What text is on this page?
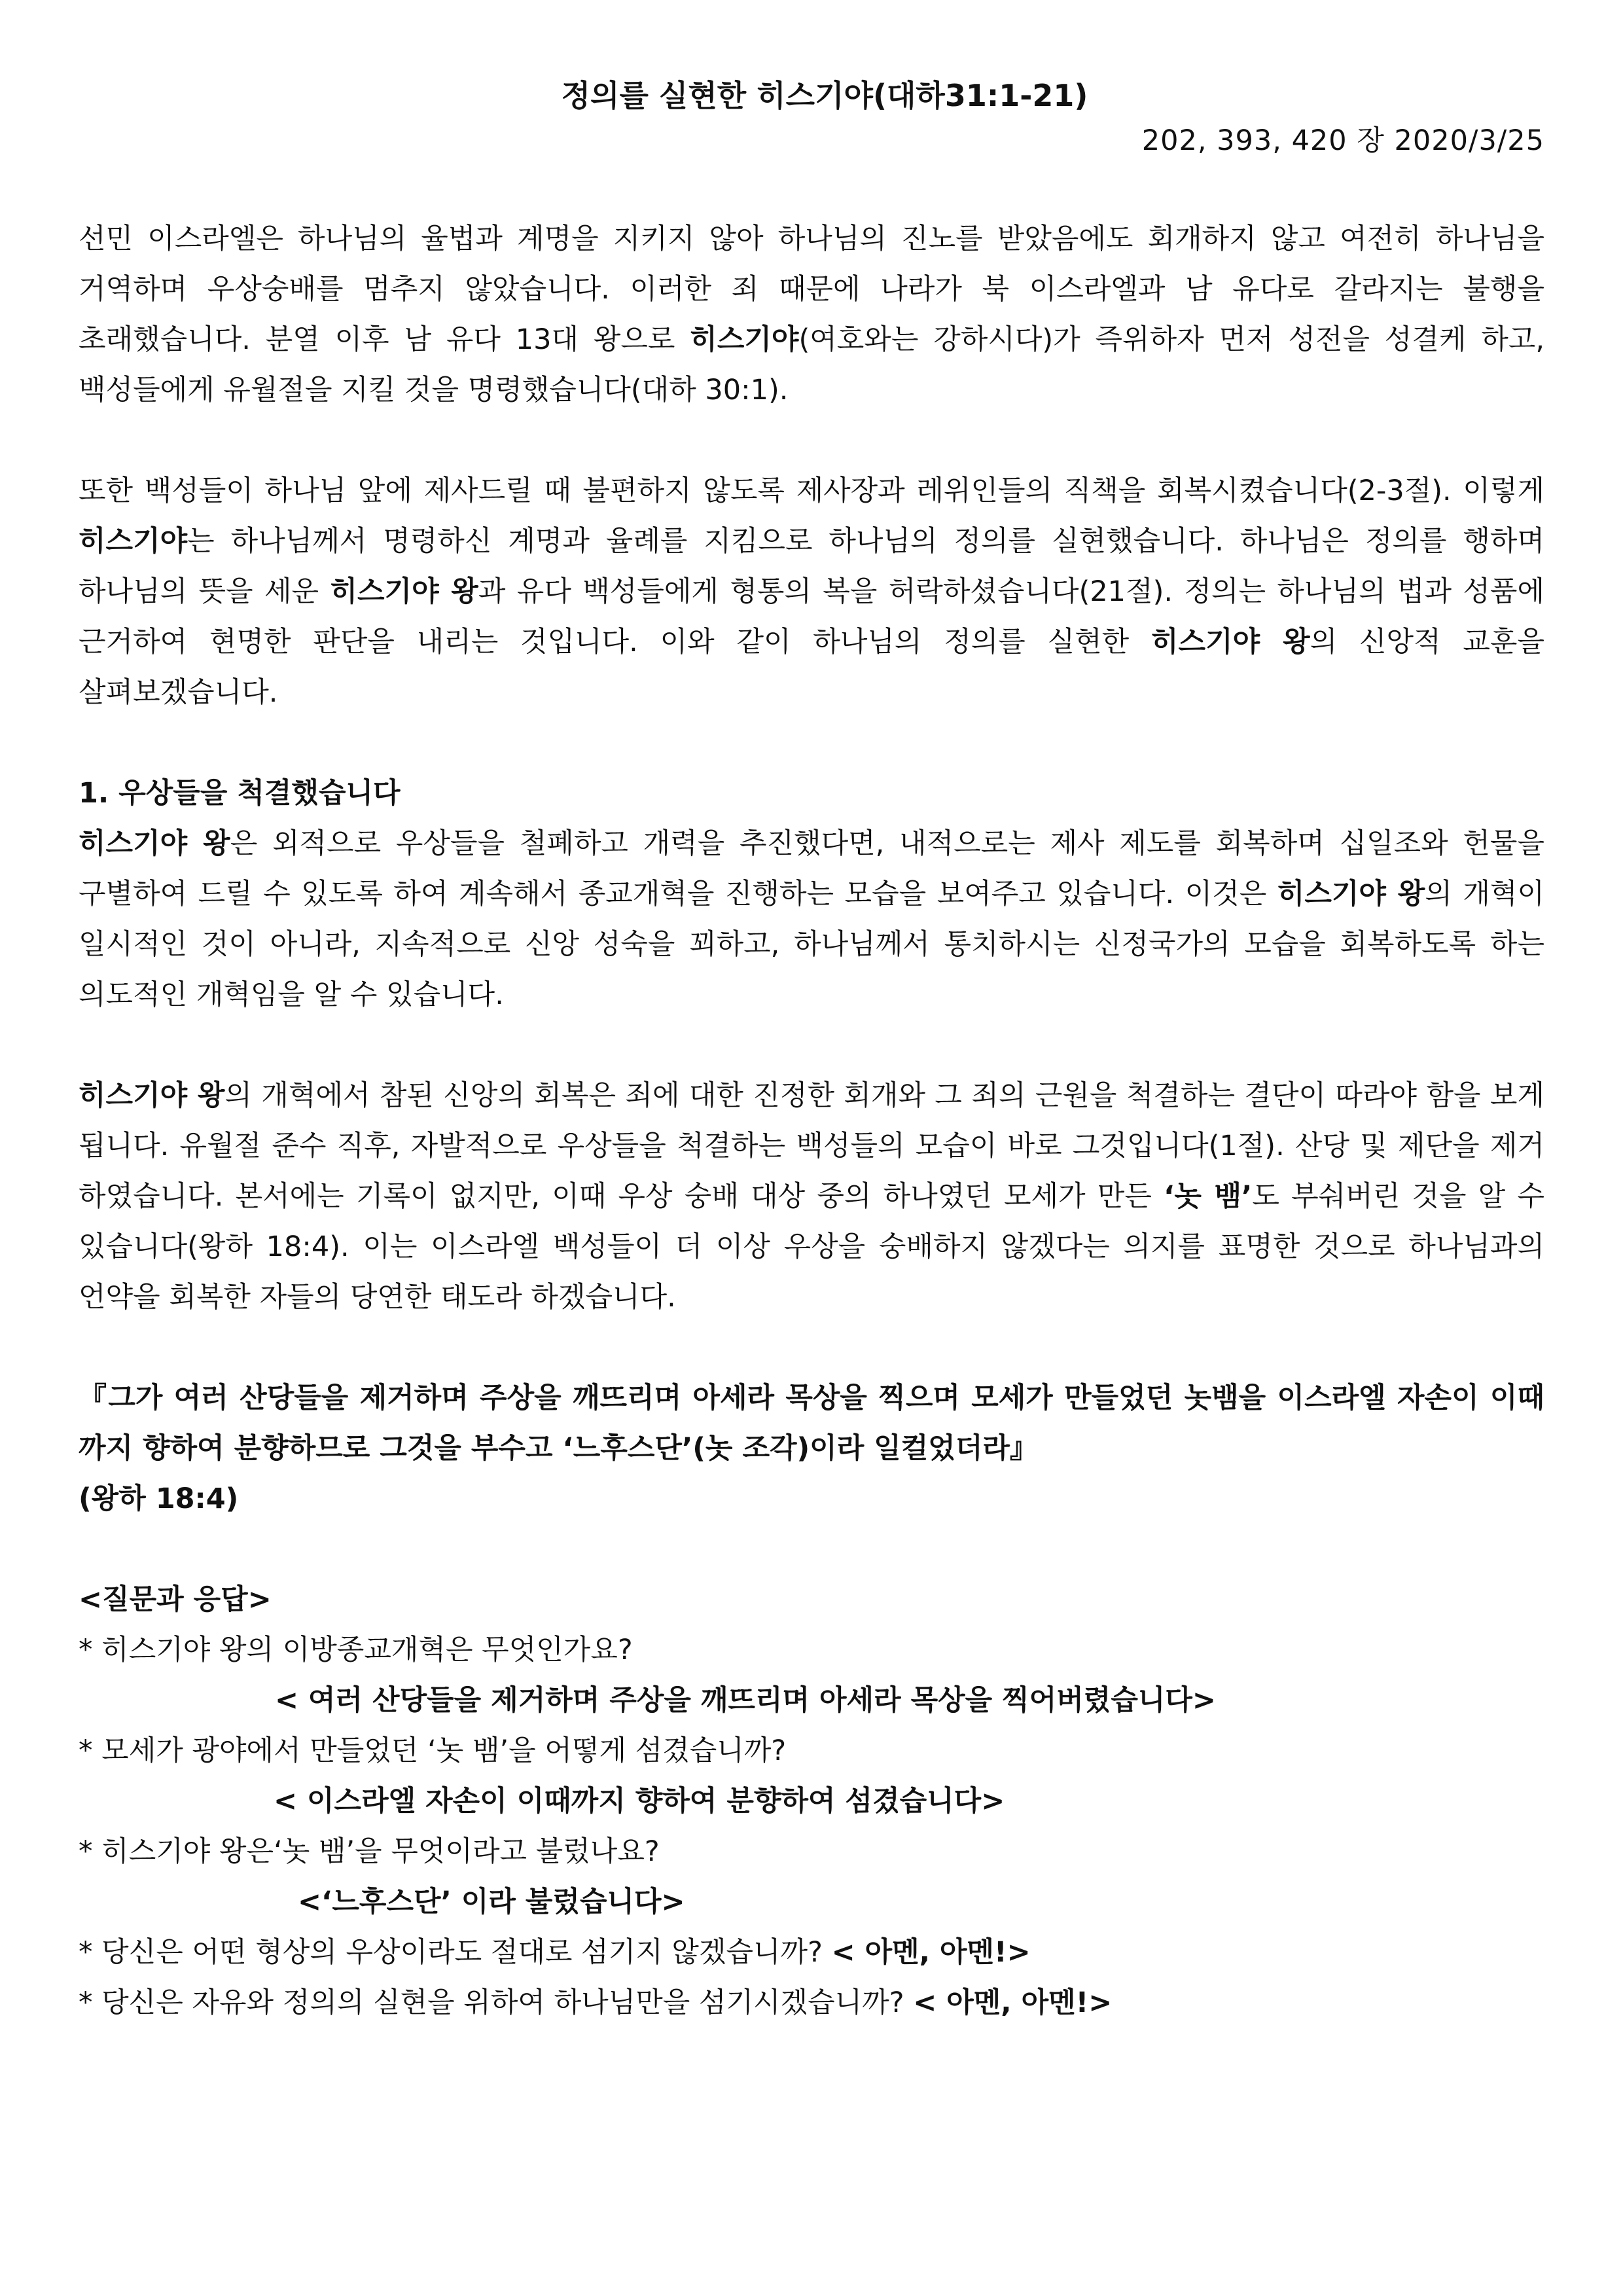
정의를 실현한 히스기야(대하31:1-21)

202, 393, 420 장 2020/3/25

선민 이스라엘은 하나님의 율법과 계명을 지키지 않아 하나님의 진노를 받았음에도 회개하지 않고 여전히 하나님을 거역하며 우상숭배를 멈추지 않았습니다. 이러한 죄 때문에 나라가 북 이스라엘과 남 유다로 갈라지는 불행을 초래했습니다. 분열 이후 남 유다 13대 왕으로 히스기야(여호와는 강하시다)가 즉위하자 먼저 성전을 성결케 하고, 백성들에게 유월절을 지킬 것을 명령했습니다(대하 30:1).

또한 백성들이 하나님 앞에 제사드릴 때 불편하지 않도록 제사장과 레위인들의 직책을 회복시켰습니다(2-3절). 이렇게 히스기야는 하나님께서 명령하신 계명과 율례를 지킴으로 하나님의 정의를 실현했습니다. 하나님은 정의를 행하며 하나님의 뜻을 세운 히스기야 왕과 유다 백성들에게 형통의 복을 허락하셨습니다(21절). 정의는 하나님의 법과 성품에 근거하여 현명한 판단을 내리는 것입니다. 이와 같이 하나님의 정의를 실현한 히스기야 왕의 신앙적 교훈을 살펴보겠습니다.

1. 우상들을 척결했습니다

히스기야 왕은 외적으로 우상들을 철폐하고 개력을 추진했다면, 내적으로는 제사 제도를 회복하며 십일조와 헌물을 구별하여 드릴 수 있도록 하여 계속해서 종교개혁을 진행하는 모습을 보여주고 있습니다. 이것은 히스기야 왕의 개혁이 일시적인 것이 아니라, 지속적으로 신앙 성숙을 꾀하고, 하나님께서 통치하시는 신정국가의 모습을 회복하도록 하는 의도적인 개혁임을 알 수 있습니다.

히스기야 왕의 개혁에서 참된 신앙의 회복은 죄에 대한 진정한 회개와 그 죄의 근원을 척결하는 결단이 따라야 함을 보게 됩니다. 유월절 준수 직후, 자발적으로 우상들을 척결하는 백성들의 모습이 바로 그것입니다(1절). 산당 및 제단을 제거 하였습니다. 본서에는 기록이 없지만, 이때 우상 숭배 대상 중의 하나였던 모세가 만든 ‘놋 뱀’도 부숴버린 것을 알 수 있습니다(왕하 18:4). 이는 이스라엘 백성들이 더 이상 우상을 숭배하지 않겠다는 의지를 표명한 것으로 하나님과의 언약을 회복한 자들의 당연한 태도라 하겠습니다.

『그가 여러 산당들을 제거하며 주상을 깨뜨리며 아세라 목상을 찍으며 모세가 만들었던 놋뱀을 이스라엘 자손이 이때까지 향하여 분향하므로 그것을 부수고 ‘느후스단’(놋 조각)이라 일컬었더라』

(왕하 18:4)

<질문과 응답>

* 히스기야 왕의 이방종교개혁은 무엇인가요?

< 여러 산당들을 제거하며 주상을 깨뜨리며 아세라 목상을 찍어버렸습니다>

* 모세가 광야에서 만들었던 ‘놋 뱀’을 어떻게 섬겼습니까?

< 이스라엘 자손이 이때까지 향하여 분향하여 섬겼습니다>

* 히스기야 왕은‘놋 뱀’을 무엇이라고 불렀나요?

<‘느후스단’ 이라 불렀습니다>

* 당신은 어떤 형상의 우상이라도 절대로 섬기지 않겠습니까? < 아멘, 아멘!>

* 당신은 자유와 정의의 실현을 위하여 하나님만을 섬기시겠습니까? < 아멘, 아멘!>
